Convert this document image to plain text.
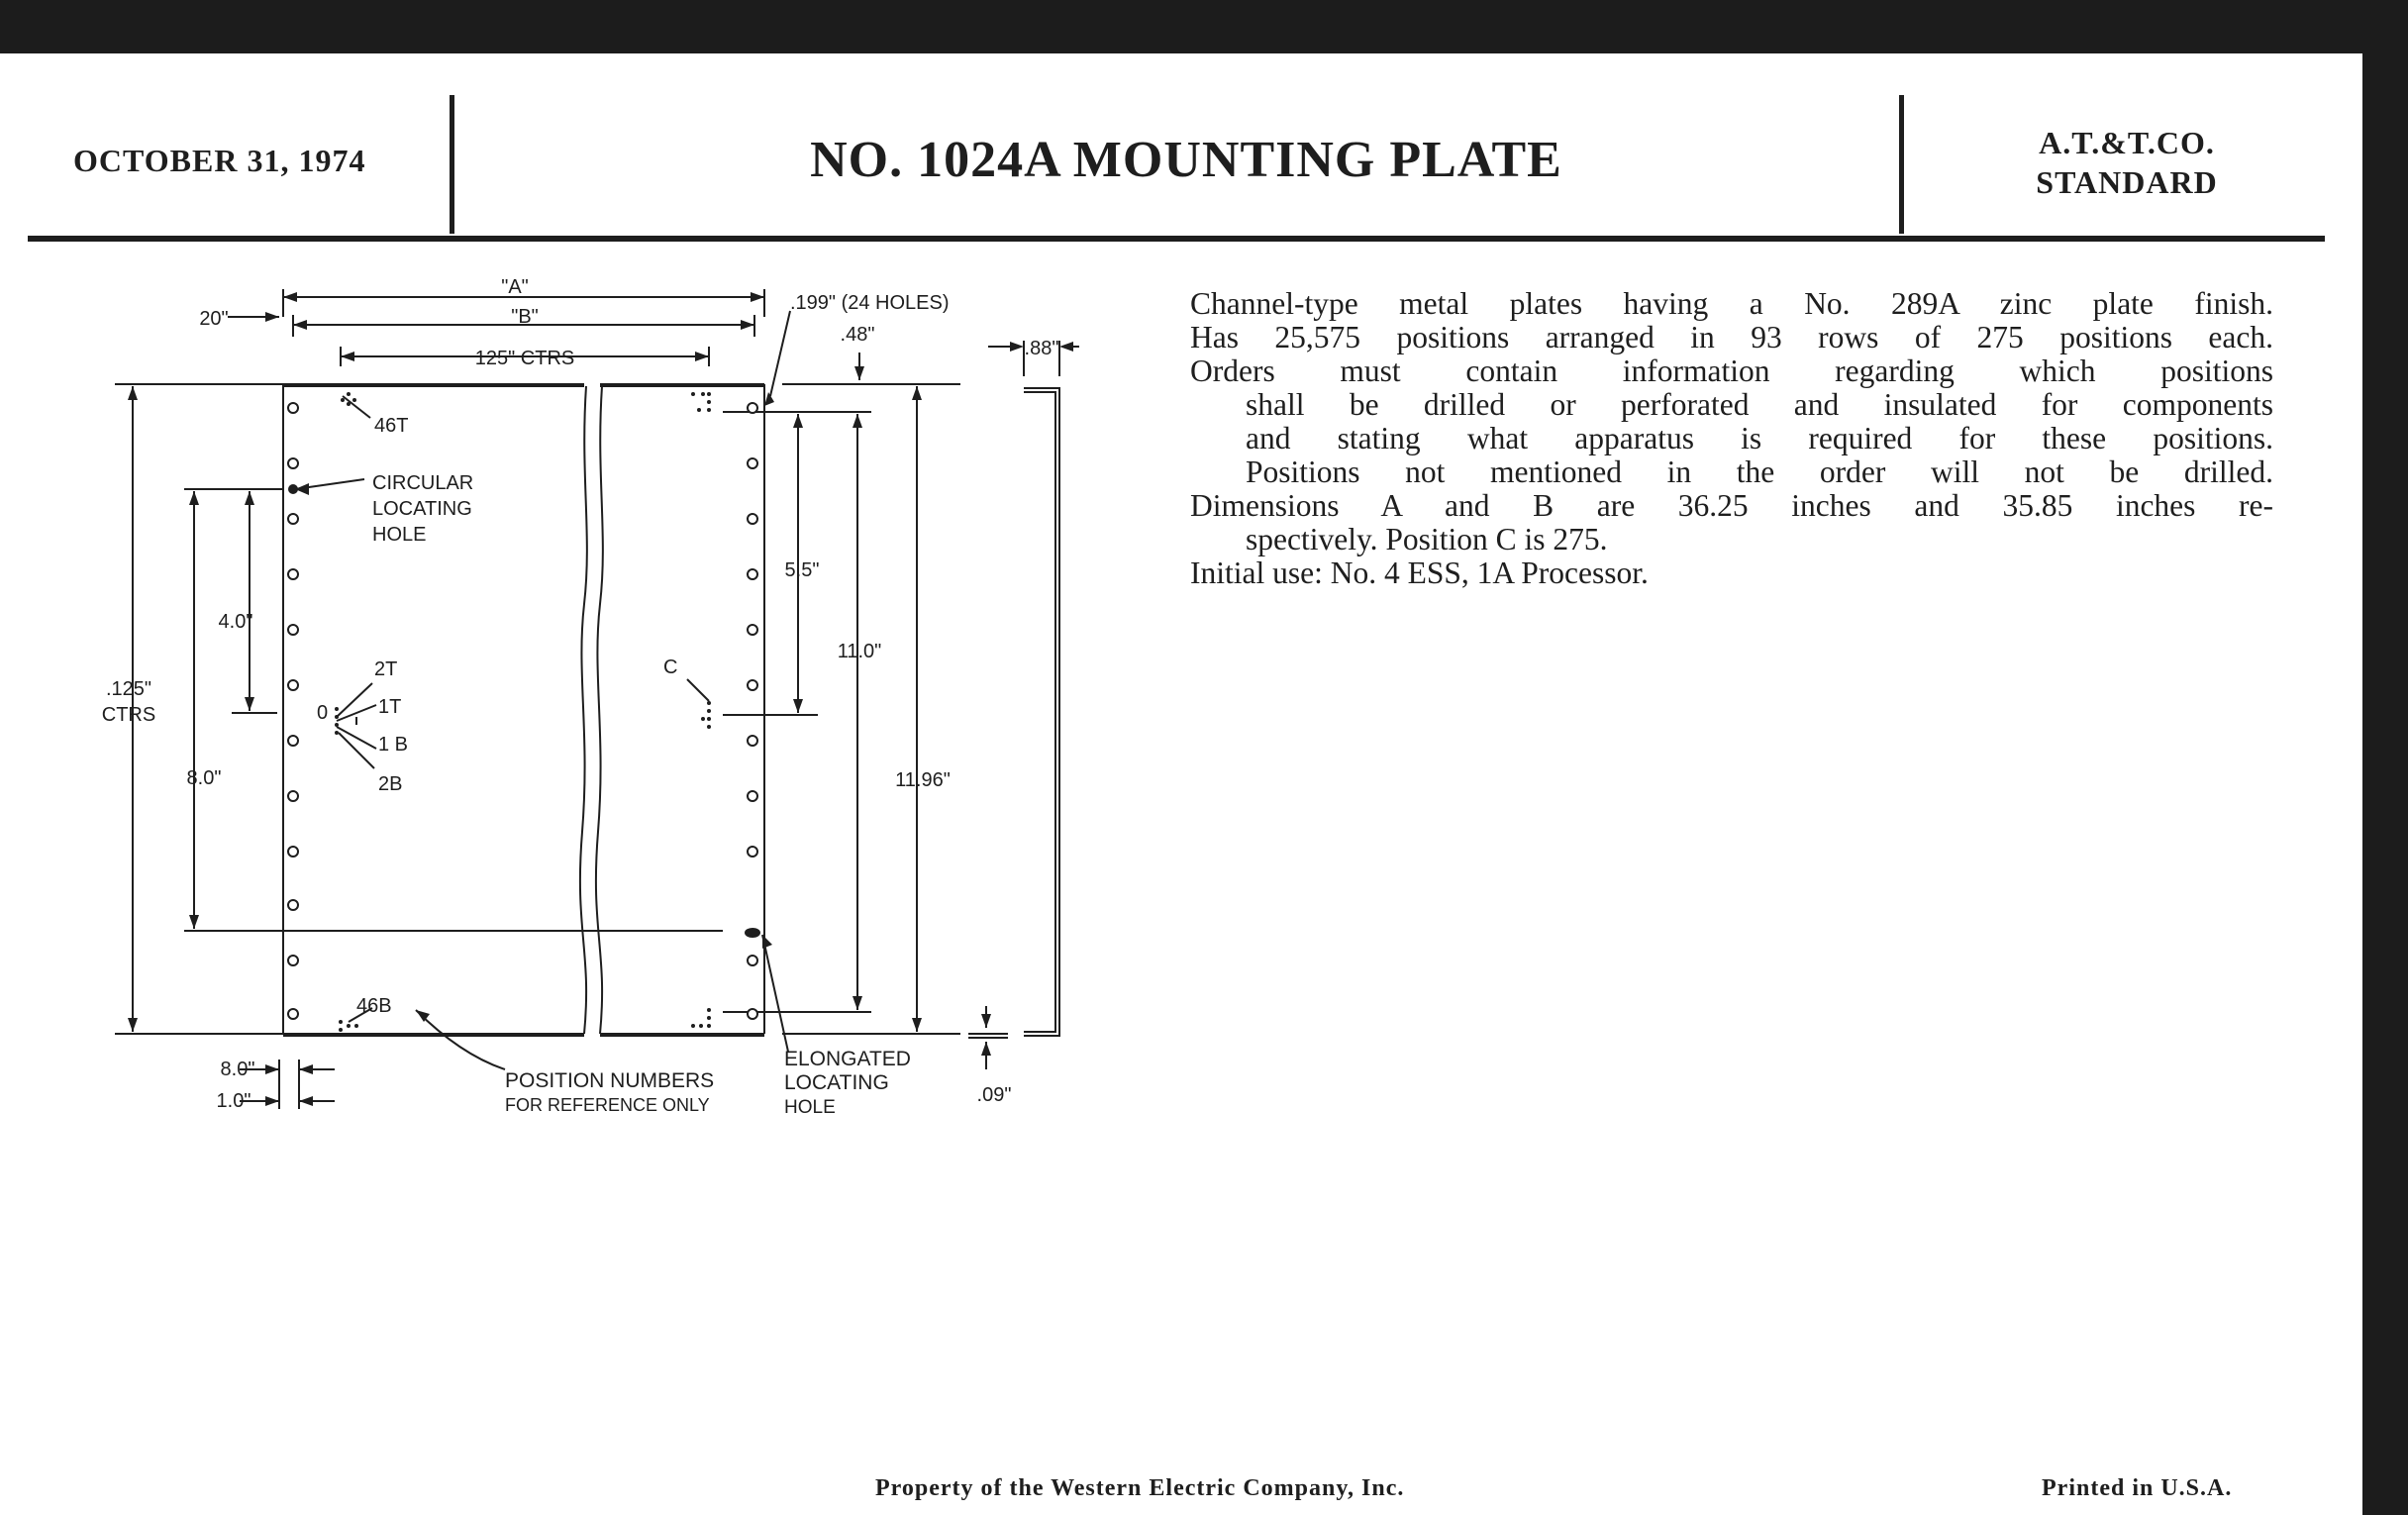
OCTOBER 31, 1974	NO. 1024A MOUNTING PLATE	A.T.&T.CO.
STANDARD
"A"
"B"
20"
125" CTRS
.199" (24 HOLES)
.48"
.88"
46T
CIRCULAR
LOCATING
HOLE
4.0"
5.5"
11.0"
11.96"
2T
1T
1 B
2B
0
C
.125"
CTRS
8.0"
46B
8.0"
1.0"
POSITION NUMBERS
FOR REFERENCE ONLY
ELONGATED
LOCATING
HOLE
.09"

Channel-type metal plates having a No. 289A zinc plate finish.

Has 25,575 positions arranged in 93 rows of 275 positions each.

Orders must contain information regarding which positions

shall be drilled or perforated and insulated for components

and stating what apparatus is required for these positions.

Positions not mentioned in the order will not be drilled.

Dimensions A and B are 36.25 inches and 35.85 inches re-

spectively. Position C is 275.

Initial use: No. 4 ESS, 1A Processor.

Property of the Western Electric Company, Inc.	Printed in U.S.A.
